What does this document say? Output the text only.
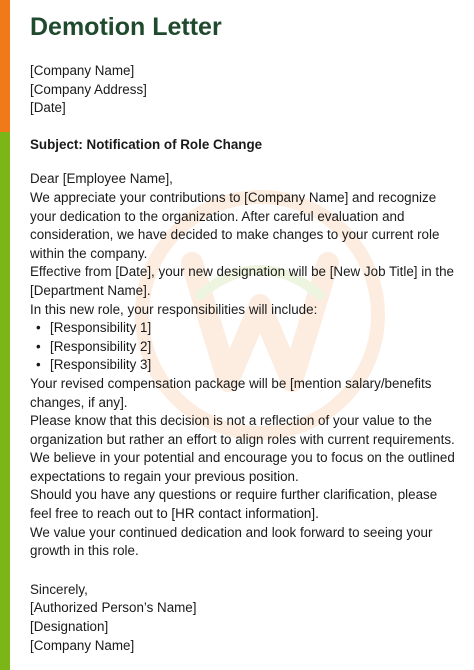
Demotion Letter

[Company Name]

[Company Address]

[Date]

Subject: Notification of Role Change

Dear [Employee Name],

We appreciate your contributions to [Company Name] and recognize your dedication to the organization. After careful evaluation and consideration, we have decided to make changes to your current role within the company.

Effective from [Date], your new designation will be [New Job Title] in the [Department Name].

In this new role, your responsibilities will include:

• [Responsibility 1]
• [Responsibility 2]
• [Responsibility 3]

Your revised compensation package will be [mention salary/benefits changes, if any].

Please know that this decision is not a reflection of your value to the organization but rather an effort to align roles with current requirements. We believe in your potential and encourage you to focus on the outlined expectations to regain your previous position.

Should you have any questions or require further clarification, please feel free to reach out to [HR contact information].

We value your continued dedication and look forward to seeing your growth in this role.

Sincerely,

[Authorized Person’s Name]

[Designation]

[Company Name]
